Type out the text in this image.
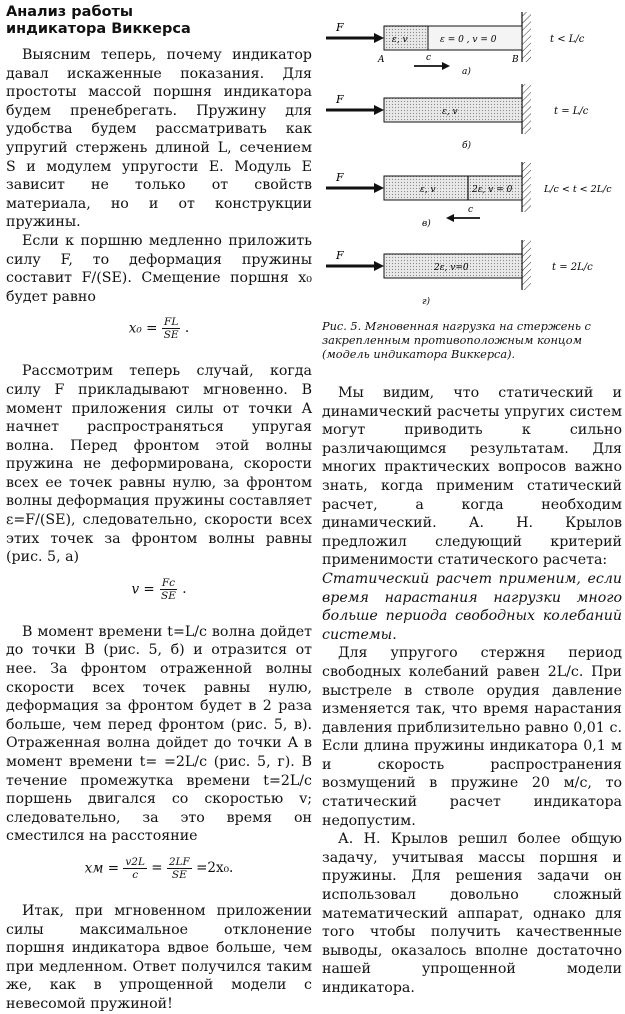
Анализ работы
индикатора Виккерса

Выясним теперь, почему индикатор давал искаженные показания. Для простоты массой поршня индикатора будем пренебрегать. Пружину для удобства будем рассматривать как упругий стержень длиной L, сечением S и модулем упругости E. Модуль E зависит не только от свойств материала, но и от конструкции пружины.

Если к поршню медленно приложить силу F, то деформация пружины составит F/(SE). Смещение поршня x₀ будет равно

$x_0 = \frac{FL}{SE}$ .

Рассмотрим теперь случай, когда силу F прикладывают мгновенно. В момент приложения силы от точки A начнет распространяться упругая волна. Перед фронтом этой волны пружина не деформирована, скорости всех ее точек равны нулю, за фронтом волны деформация пружины составляет ε=F/(SE), следовательно, скорости всех этих точек за фронтом волны равны (рис. 5, а)

$v = \frac{Fc}{SE}$ .

В момент времени t=L/c волна дойдет до точки B (рис. 5, б) и отразится от нее. За фронтом отраженной волны скорости всех точек равны нулю, деформация за фронтом будет в 2 раза больше, чем перед фронтом (рис. 5, в). Отраженная волна дойдет до точки A в момент времени t= =2L/c (рис. 5, г). В течение промежутка времени t=2L/c поршень двигался со скоростью v; следовательно, за это время он сместился на расстояние

xм = $\frac{v2L}{c} = \frac{2LF}{SE} =2x_0$.

Итак, при мгновенном приложении силы максимальное отклонение поршня индикатора вдвое больше, чем при медленном. Ответ получился таким же, как в упрощенной модели с невесомой пружиной!

F
ε, v	ε = 0 , v = 0
A	B
c
а)
t < L/c
F
ε, v
б)
t = L/c
F
ε, v	2ε, v = 0
c
в)
L/c < t < 2L/c
F
2ε, v=0
г)
t = 2L/c
Рис. 5. Мгновенная нагрузка на стержень с закрепленным противоположным концом (модель индикатора Виккерса).

Мы видим, что статический и динамический расчеты упругих систем могут приводить к сильно различающимся результатам. Для многих практических вопросов важно знать, когда применим статический расчет, а когда необходим динамический. А. Н. Крылов предложил следующий критерий применимости статического расчета:

Статический расчет применим, если время нарастания нагрузки много больше периода свободных колебаний системы.

Для упругого стержня период свободных колебаний равен 2L/c. При выстреле в стволе орудия давление изменяется так, что время нарастания давления приблизительно равно 0,01 с. Если длина пружины индикатора 0,1 м и скорость распространения возмущений в пружине 20 м/с, то статический расчет индикатора недопустим.

А. Н. Крылов решил более общую задачу, учитывая массы поршня и пружины. Для решения задачи он использовал довольно сложный математический аппарат, однако для того чтобы получить качественные выводы, оказалось вполне достаточно нашей упрощенной модели индикатора.
